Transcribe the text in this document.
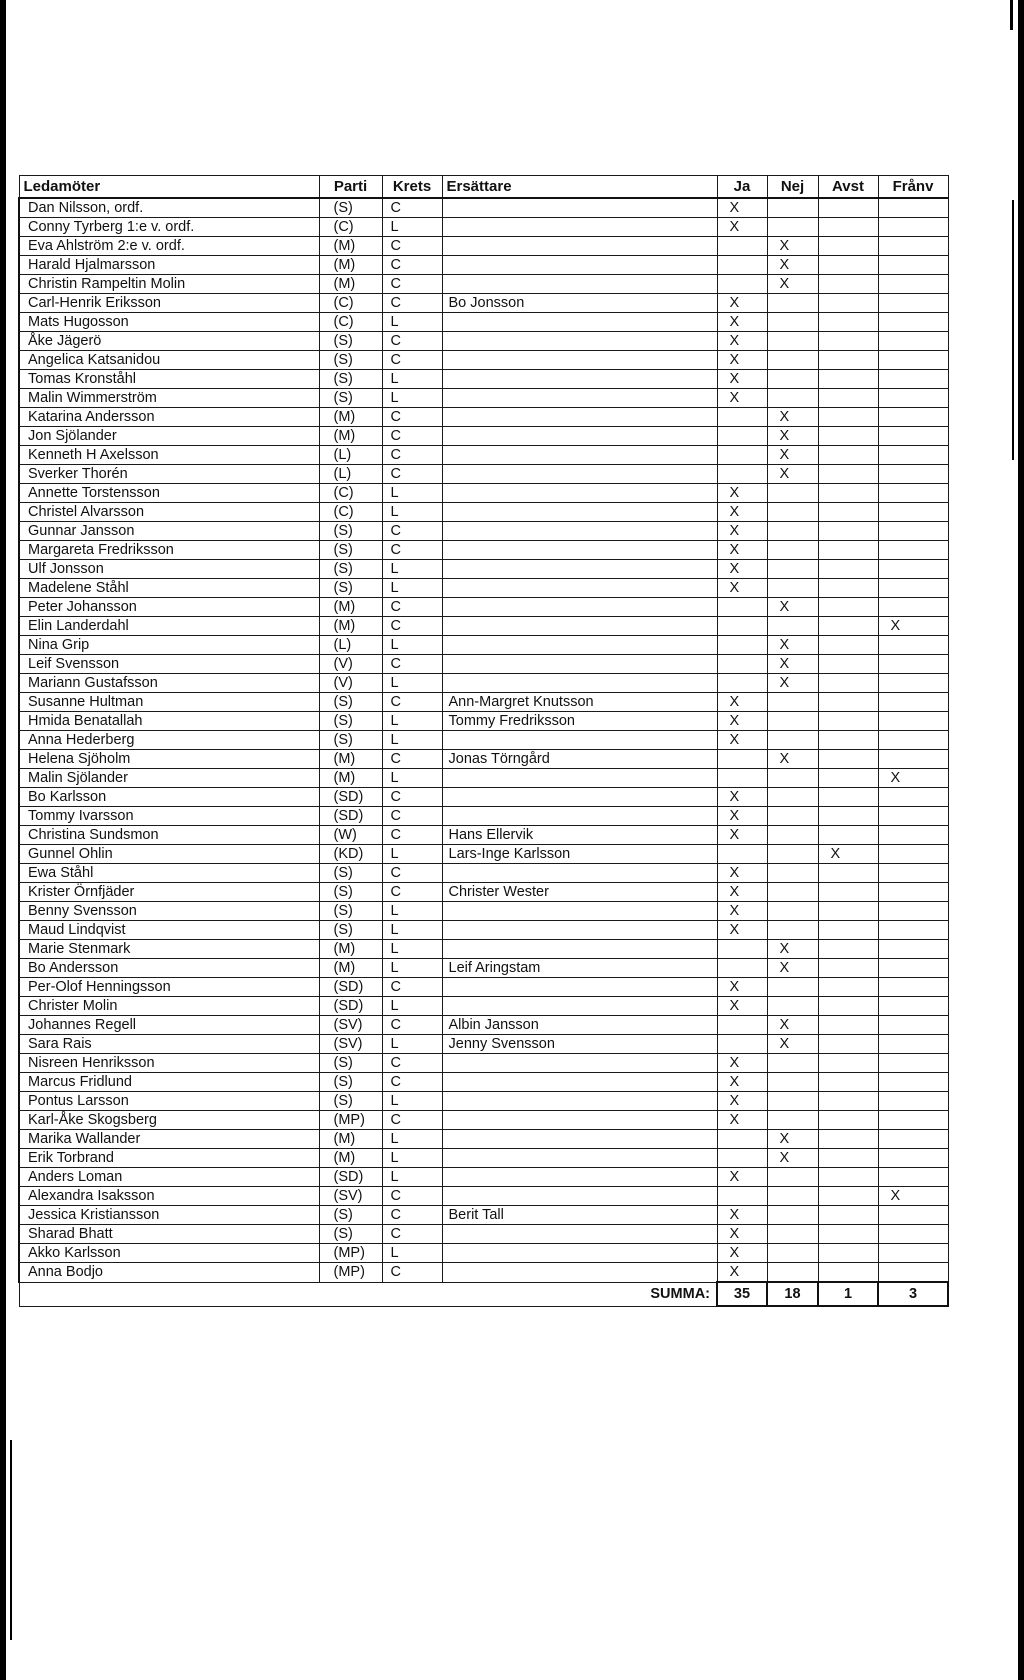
Ledamöter	Parti	Krets	Ersättare	Ja	Nej	Avst	Frånv
Dan Nilsson, ordf.	(S)	C		X			
Conny Tyrberg 1:e v. ordf.	(C)	L		X			
Eva Ahlström 2:e v. ordf.	(M)	C			X		
Harald Hjalmarsson	(M)	C			X		
Christin Rampeltin Molin	(M)	C			X		
Carl-Henrik Eriksson	(C)	C	Bo Jonsson	X			
Mats Hugosson	(C)	L		X			
Åke Jägerö	(S)	C		X			
Angelica Katsanidou	(S)	C		X			
Tomas Kronståhl	(S)	L		X			
Malin Wimmerström	(S)	L		X			
Katarina Andersson	(M)	C			X		
Jon Sjölander	(M)	C			X		
Kenneth H Axelsson	(L)	C			X		
Sverker Thorén	(L)	C			X		
Annette Torstensson	(C)	L		X			
Christel Alvarsson	(C)	L		X			
Gunnar Jansson	(S)	C		X			
Margareta Fredriksson	(S)	C		X			
Ulf Jonsson	(S)	L		X			
Madelene Ståhl	(S)	L		X			
Peter Johansson	(M)	C			X		
Elin Landerdahl	(M)	C					X
Nina Grip	(L)	L			X		
Leif Svensson	(V)	C			X		
Mariann Gustafsson	(V)	L			X		
Susanne Hultman	(S)	C	Ann-Margret Knutsson	X			
Hmida Benatallah	(S)	L	Tommy Fredriksson	X			
Anna Hederberg	(S)	L		X			
Helena Sjöholm	(M)	C	Jonas Törngård		X		
Malin Sjölander	(M)	L					X
Bo Karlsson	(SD)	C		X			
Tommy Ivarsson	(SD)	C		X			
Christina Sundsmon	(W)	C	Hans Ellervik	X			
Gunnel Ohlin	(KD)	L	Lars-Inge Karlsson			X	
Ewa Ståhl	(S)	C		X			
Krister Örnfjäder	(S)	C	Christer Wester	X			
Benny Svensson	(S)	L		X			
Maud Lindqvist	(S)	L		X			
Marie Stenmark	(M)	L			X		
Bo Andersson	(M)	L	Leif Aringstam		X		
Per-Olof Henningsson	(SD)	C		X			
Christer Molin	(SD)	L		X			
Johannes Regell	(SV)	C	Albin Jansson		X		
Sara Rais	(SV)	L	Jenny Svensson		X		
Nisreen Henriksson	(S)	C		X			
Marcus Fridlund	(S)	C		X			
Pontus Larsson	(S)	L		X			
Karl-Åke Skogsberg	(MP)	C		X			
Marika Wallander	(M)	L			X		
Erik Torbrand	(M)	L			X		
Anders Loman	(SD)	L		X			
Alexandra Isaksson	(SV)	C					X
Jessica Kristiansson	(S)	C	Berit Tall	X			
Sharad Bhatt	(S)	C		X			
Akko Karlsson	(MP)	L		X			
Anna Bodjo	(MP)	C		X			
SUMMA:				35	18	1	3
